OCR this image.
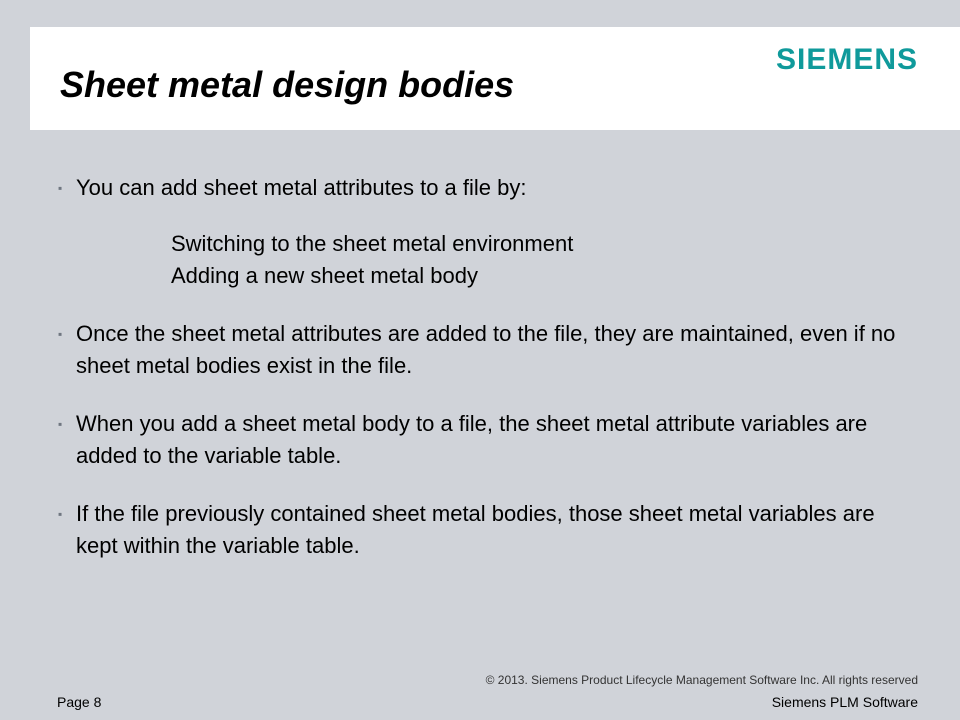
Sheet metal design bodies
SIEMENS
▪ You can add sheet metal attributes to a file by:
Switching to the sheet metal environment
Adding a new sheet metal body
▪ Once the sheet metal attributes are added to the file, they are maintained, even if no sheet metal bodies exist in the file.
▪ When you add a sheet metal body to a file, the sheet metal attribute variables are added to the variable table.
▪ If the file previously contained sheet metal bodies, those sheet metal variables are kept within the variable table.
© 2013. Siemens Product Lifecycle Management Software Inc. All rights reserved
Page 8	Siemens PLM Software
